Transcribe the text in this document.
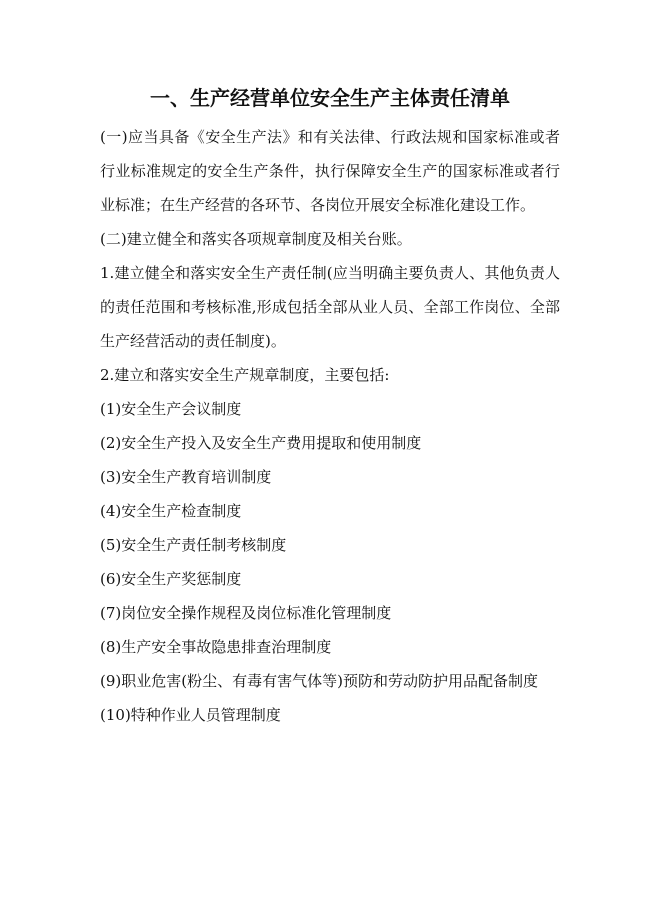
一、生产经营单位安全生产主体责任清单

(一)应当具备《安全生产法》和有关法律、行政法规和国家标准或者行业标准规定的安全生产条件，执行保障安全生产的国家标准或者行业标准；在生产经营的各环节、各岗位开展安全标准化建设工作。

(二)建立健全和落实各项规章制度及相关台账。

1.建立健全和落实安全生产责任制(应当明确主要负责人、其他负责人的责任范围和考核标准,形成包括全部从业人员、全部工作岗位、全部生产经营活动的责任制度)。

2.建立和落实安全生产规章制度，主要包括:

(1)安全生产会议制度
(2)安全生产投入及安全生产费用提取和使用制度
(3)安全生产教育培训制度
(4)安全生产检查制度
(5)安全生产责任制考核制度
(6)安全生产奖惩制度
(7)岗位安全操作规程及岗位标准化管理制度
(8)生产安全事故隐患排查治理制度
(9)职业危害(粉尘、有毒有害气体等)预防和劳动防护用品配备制度
(10)特种作业人员管理制度
